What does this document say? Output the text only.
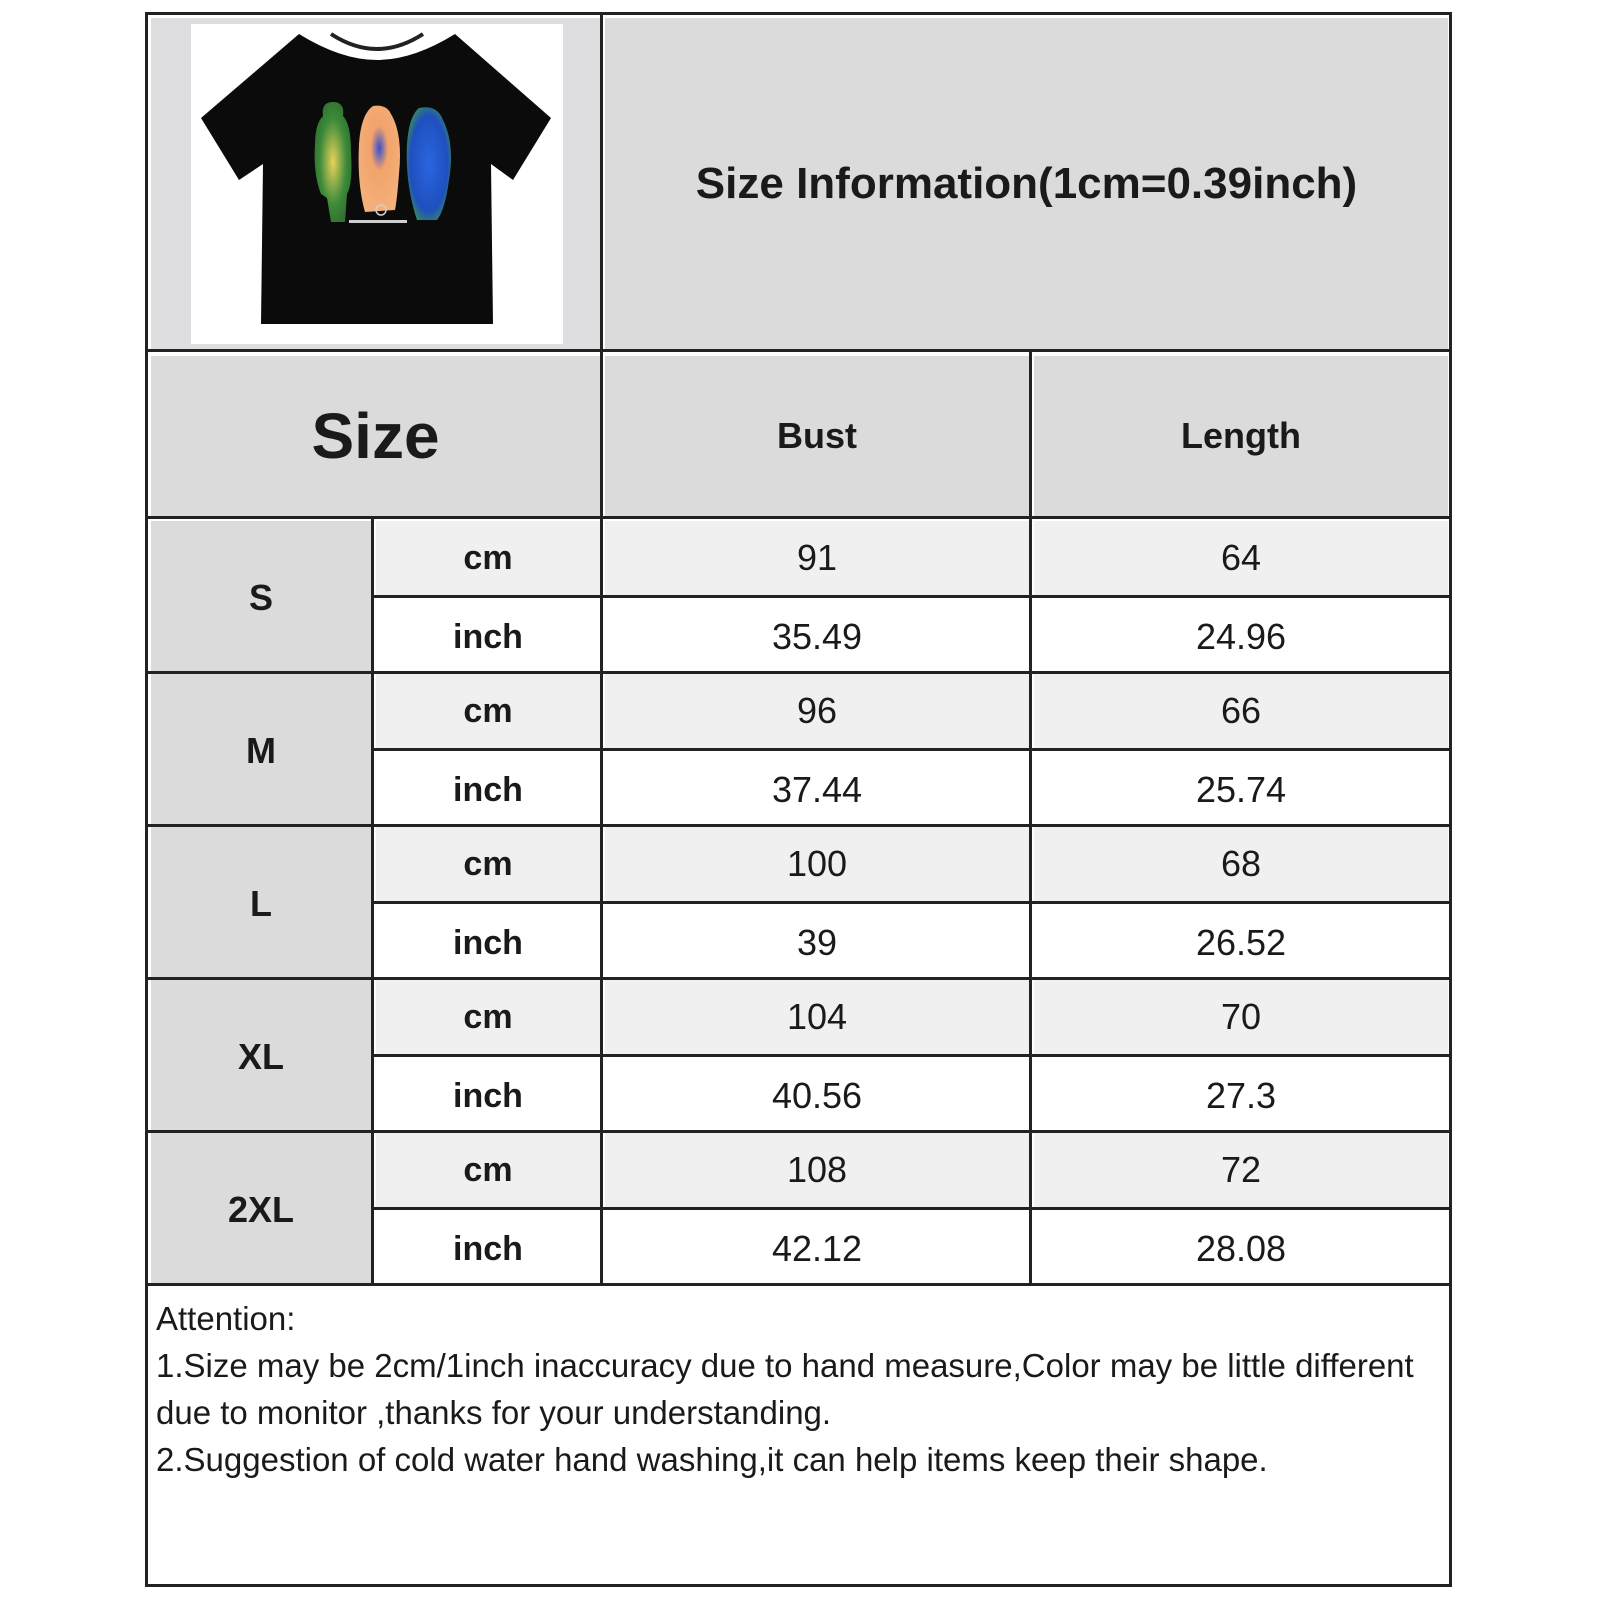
Size Information(1cm=0.39inch)
Size	Bust	Length
S
cm	91	64
inch	35.49	24.96
M
cm	96	66
inch	37.44	25.74
L
cm	100	68
inch	39	26.52
XL
cm	104	70
inch	40.56	27.3
2XL
cm	108	72
inch	42.12	28.08
Attention:
1.Size may be 2cm/1inch inaccuracy due to hand measure,Color may be little different due to monitor ,thanks for your understanding.
2.Suggestion of cold water hand washing,it can help items keep their shape.
